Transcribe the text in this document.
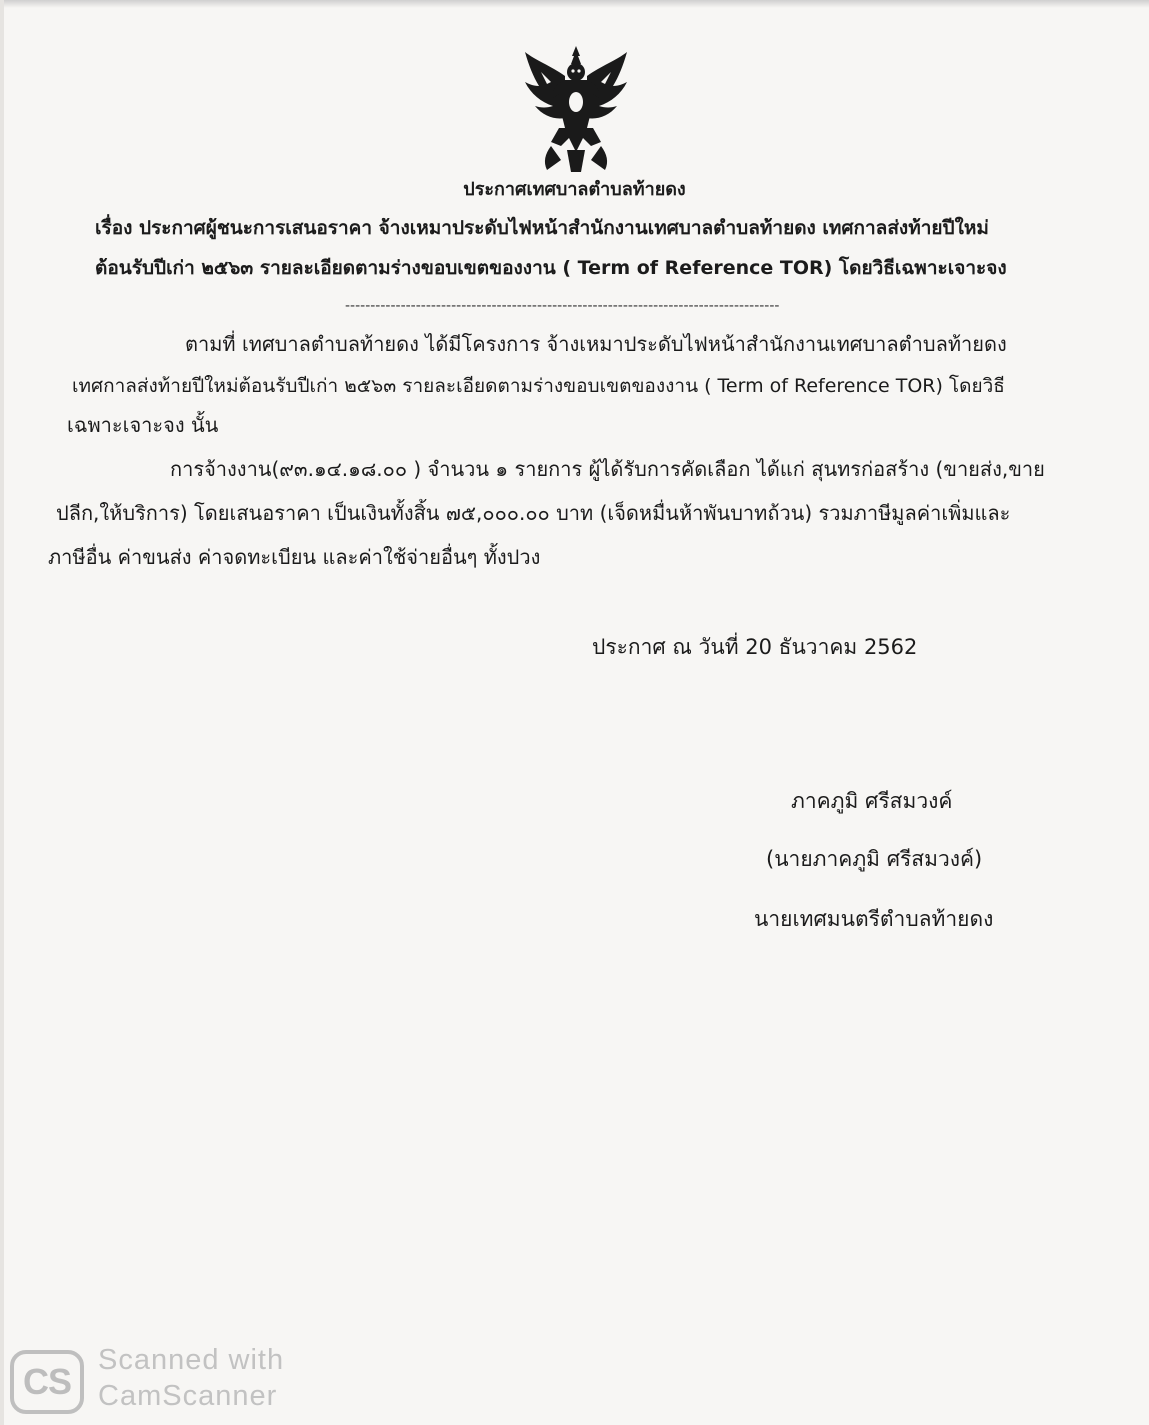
ประกาศเทศบาลตำบลท้ายดง
เรื่อง ประกาศผู้ชนะการเสนอราคา จ้างเหมาประดับไฟหน้าสำนักงานเทศบาลตำบลท้ายดง เทศกาลส่งท้ายปีใหม่
ต้อนรับปีเก่า ๒๕๖๓ รายละเอียดตามร่างขอบเขตของงาน ( Term of Reference TOR) โดยวิธีเฉพาะเจาะจง
--------------------------------------------------------------------------------------
ตามที่ เทศบาลตำบลท้ายดง ได้มีโครงการ จ้างเหมาประดับไฟหน้าสำนักงานเทศบาลตำบลท้ายดง
เทศกาลส่งท้ายปีใหม่ต้อนรับปีเก่า ๒๕๖๓ รายละเอียดตามร่างขอบเขตของงาน ( Term of Reference TOR) โดยวิธี
เฉพาะเจาะจง นั้น
การจ้างงาน(๙๓.๑๔.๑๘.๐๐ ) จำนวน ๑ รายการ ผู้ได้รับการคัดเลือก ได้แก่ สุนทรก่อสร้าง (ขายส่ง,ขาย
ปลีก,ให้บริการ) โดยเสนอราคา เป็นเงินทั้งสิ้น ๗๕,๐๐๐.๐๐ บาท (เจ็ดหมื่นห้าพันบาทถ้วน) รวมภาษีมูลค่าเพิ่มและ
ภาษีอื่น ค่าขนส่ง ค่าจดทะเบียน และค่าใช้จ่ายอื่นๆ ทั้งปวง
ประกาศ ณ วันที่ 20 ธันวาคม 2562
ภาคภูมิ ศรีสมวงค์
(นายภาคภูมิ ศรีสมวงค์)
นายเทศมนตรีตำบลท้ายดง
CS
Scanned with
CamScanner
